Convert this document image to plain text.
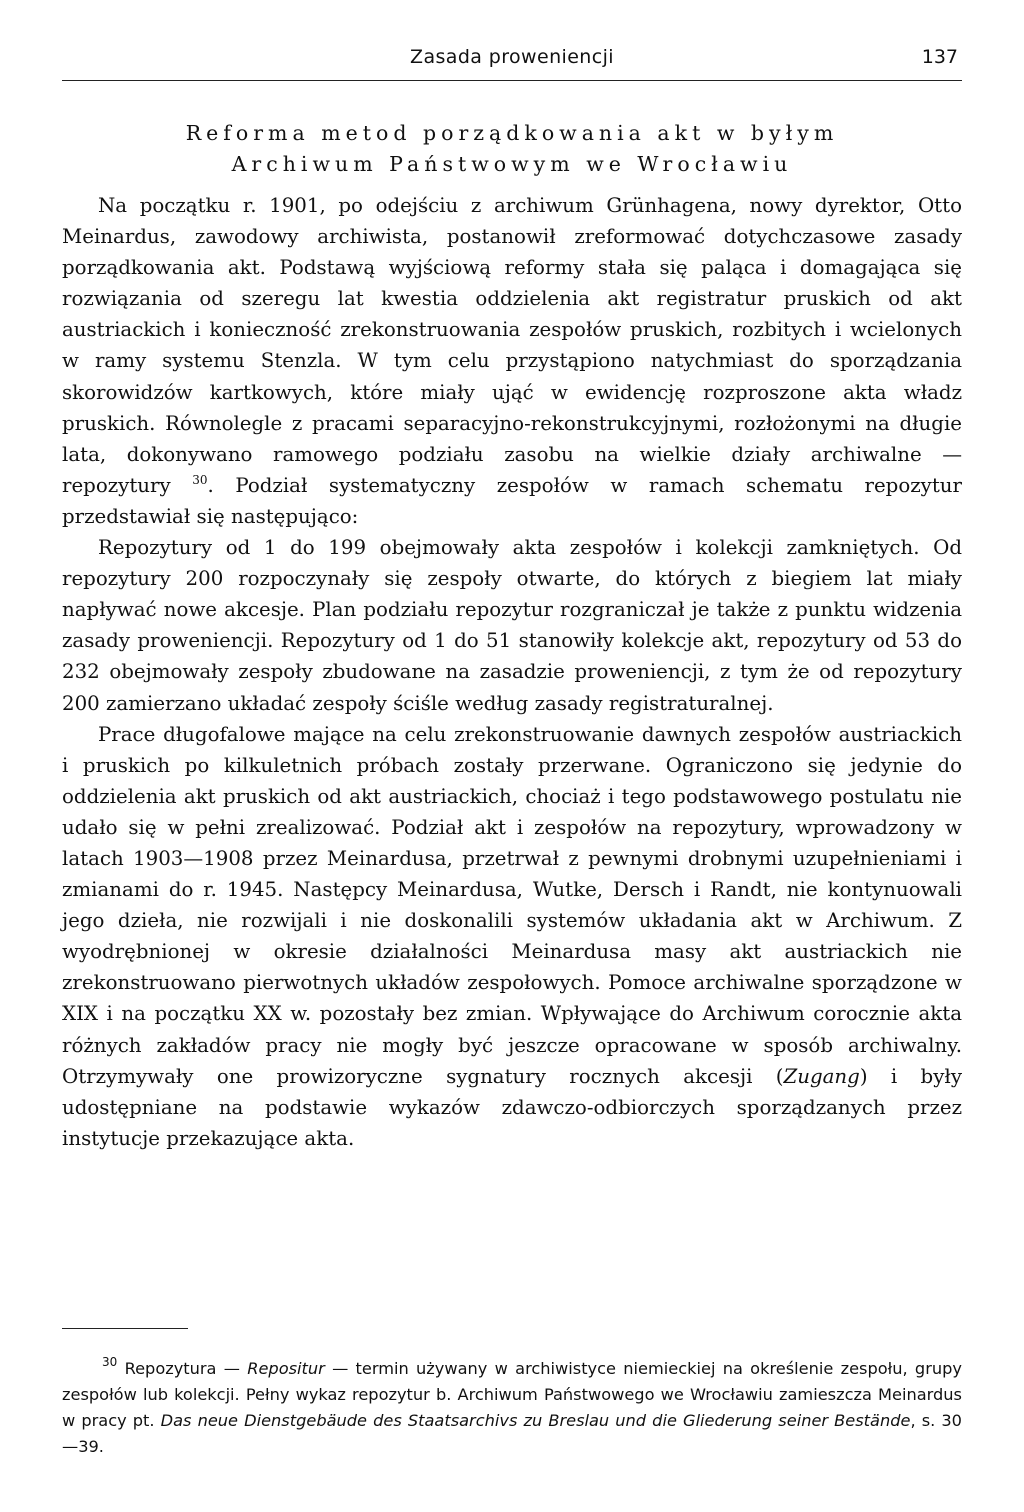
Zasada proweniencji	137
Reforma metod porządkowania akt w byłym
Archiwum Państwowym we Wrocławiu

Na początku r. 1901, po odejściu z archiwum Grünhagena, nowy dyrektor, Otto Meinardus, zawodowy archiwista, postanowił zreformować dotychczasowe zasady porządkowania akt. Podstawą wyjściową reformy stała się paląca i domagająca się rozwiązania od szeregu lat kwestia oddzielenia akt registratur pruskich od akt austriackich i konieczność zrekonstruowania zespołów pruskich, rozbitych i wcielonych w ramy systemu Stenzla. W tym celu przystąpiono natychmiast do sporządzania skorowidzów kartkowych, które miały ująć w ewidencję rozproszone akta władz pruskich. Równolegle z pracami separacyjno-rekonstrukcyjnymi, rozłożonymi na długie lata, dokonywano ramowego podziału zasobu na wielkie działy archiwalne — repozytury $^{30}$. Podział systematyczny zespołów w ramach schematu repozytur przedstawiał się następująco:

Repozytury od 1 do 199 obejmowały akta zespołów i kolekcji zamkniętych. Od repozytury 200 rozpoczynały się zespoły otwarte, do których z biegiem lat miały napływać nowe akcesje. Plan podziału repozytur rozgraniczał je także z punktu widzenia zasady proweniencji. Repozytury od 1 do 51 stanowiły kolekcje akt, repozytury od 53 do 232 obejmowały zespoły zbudowane na zasadzie proweniencji, z tym że od repozytury 200 zamierzano układać zespoły ściśle według zasady registraturalnej.

Prace długofalowe mające na celu zrekonstruowanie dawnych zespołów austriackich i pruskich po kilkuletnich próbach zostały przerwane. Ograniczono się jedynie do oddzielenia akt pruskich od akt austriackich, chociaż i tego podstawowego postulatu nie udało się w pełni zrealizować. Podział akt i zespołów na repozytury, wprowadzony w latach 1903—1908 przez Meinardusa, przetrwał z pewnymi drobnymi uzupełnieniami i zmianami do r. 1945. Następcy Meinardusa, Wutke, Dersch i Randt, nie kontynuowali jego dzieła, nie rozwijali i nie doskonalili systemów układania akt w Archiwum. Z wyodrębnionej w okresie działalności Meinardusa masy akt austriackich nie zrekonstruowano pierwotnych układów zespołowych. Pomoce archiwalne sporządzone w XIX i na początku XX w. pozostały bez zmian. Wpływające do Archiwum corocznie akta różnych zakładów pracy nie mogły być jeszcze opracowane w sposób archiwalny. Otrzymywały one prowizoryczne sygnatury rocznych akcesji (Zugang) i były udostępniane na podstawie wykazów zdawczo-odbiorczych sporządzanych przez instytucje przekazujące akta.

$^{30}$ Repozytura — Repositur — termin używany w archiwistyce niemieckiej na określenie zespołu, grupy zespołów lub kolekcji. Pełny wykaz repozytur b. Archiwum Państwowego we Wrocławiu zamieszcza Meinardus w pracy pt. Das neue Dienstgebäude des Staatsarchivs zu Breslau und die Gliederung seiner Bestände, s. 30—39.
